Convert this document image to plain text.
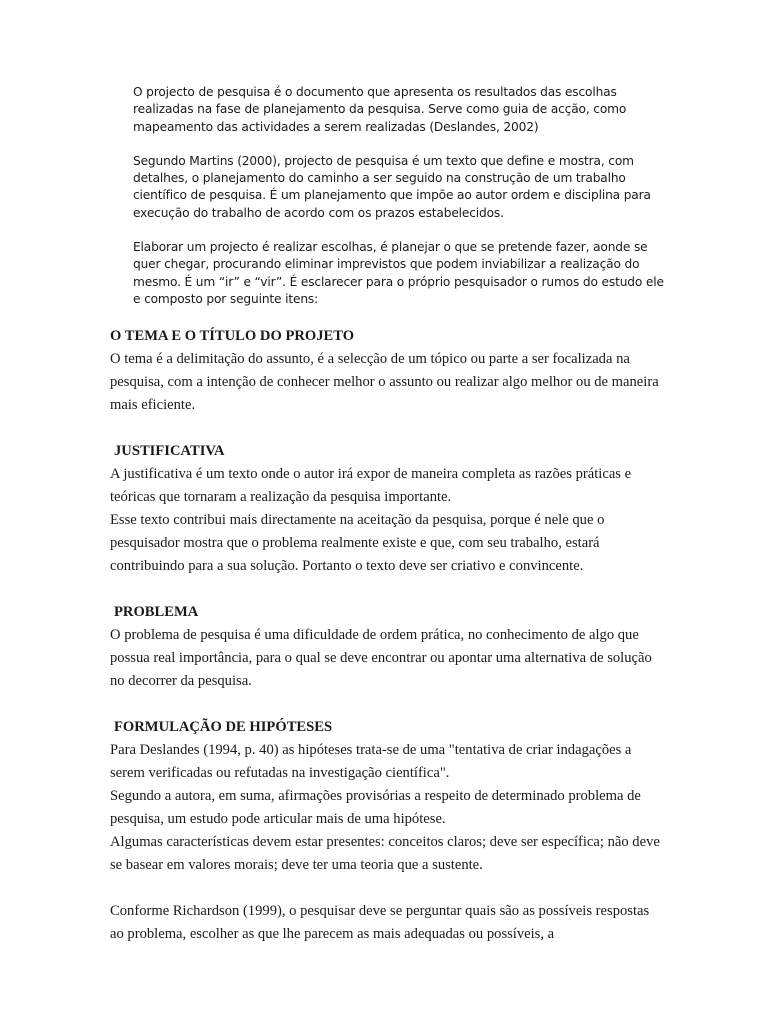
O projecto de pesquisa é o documento que apresenta os resultados das escolhas realizadas na fase de planejamento da pesquisa. Serve como guia de acção, como mapeamento das actividades a serem realizadas (Deslandes, 2002)

Segundo Martins (2000), projecto de pesquisa é um texto que define e mostra, com detalhes, o planejamento do caminho a ser seguido na construção de um trabalho científico de pesquisa. É um planejamento que impõe ao autor ordem e disciplina para execução do trabalho de acordo com os prazos estabelecidos.

Elaborar um projecto é realizar escolhas, é planejar o que se pretende fazer, aonde se quer chegar, procurando eliminar imprevistos que podem inviabilizar a realização do mesmo. É um “ir” e “vir”. É esclarecer para o próprio pesquisador o rumos do estudo ele e composto por seguinte itens:

O TEMA E O TÍTULO DO PROJETO

O tema é a delimitação do assunto, é a selecção de um tópico ou parte a ser focalizada na pesquisa, com a intenção de conhecer melhor o assunto ou realizar algo melhor ou de maneira mais eficiente.

JUSTIFICATIVA

A justificativa é um texto onde o autor irá expor de maneira completa as razões práticas e teóricas que tornaram a realização da pesquisa importante.

Esse texto contribui mais directamente na aceitação da pesquisa, porque é nele que o pesquisador mostra que o problema realmente existe e que, com seu trabalho, estará contribuindo para a sua solução. Portanto o texto deve ser criativo e convincente.

PROBLEMA

O problema de pesquisa é uma dificuldade de ordem prática, no conhecimento de algo que possua real importância, para o qual se deve encontrar ou apontar uma alternativa de solução no decorrer da pesquisa.

FORMULAÇÃO DE HIPÓTESES

Para Deslandes (1994, p. 40) as hipóteses trata-se de uma "tentativa de criar indagações a serem verificadas ou refutadas na investigação científica".

Segundo a autora, em suma, afirmações provisórias a respeito de determinado problema de pesquisa, um estudo pode articular mais de uma hipótese.

Algumas características devem estar presentes: conceitos claros; deve ser específica; não deve se basear em valores morais; deve ter uma teoria que a sustente.

Conforme Richardson (1999), o pesquisar deve se perguntar quais são as possíveis respostas ao problema, escolher as que lhe parecem as mais adequadas ou possíveis, a
